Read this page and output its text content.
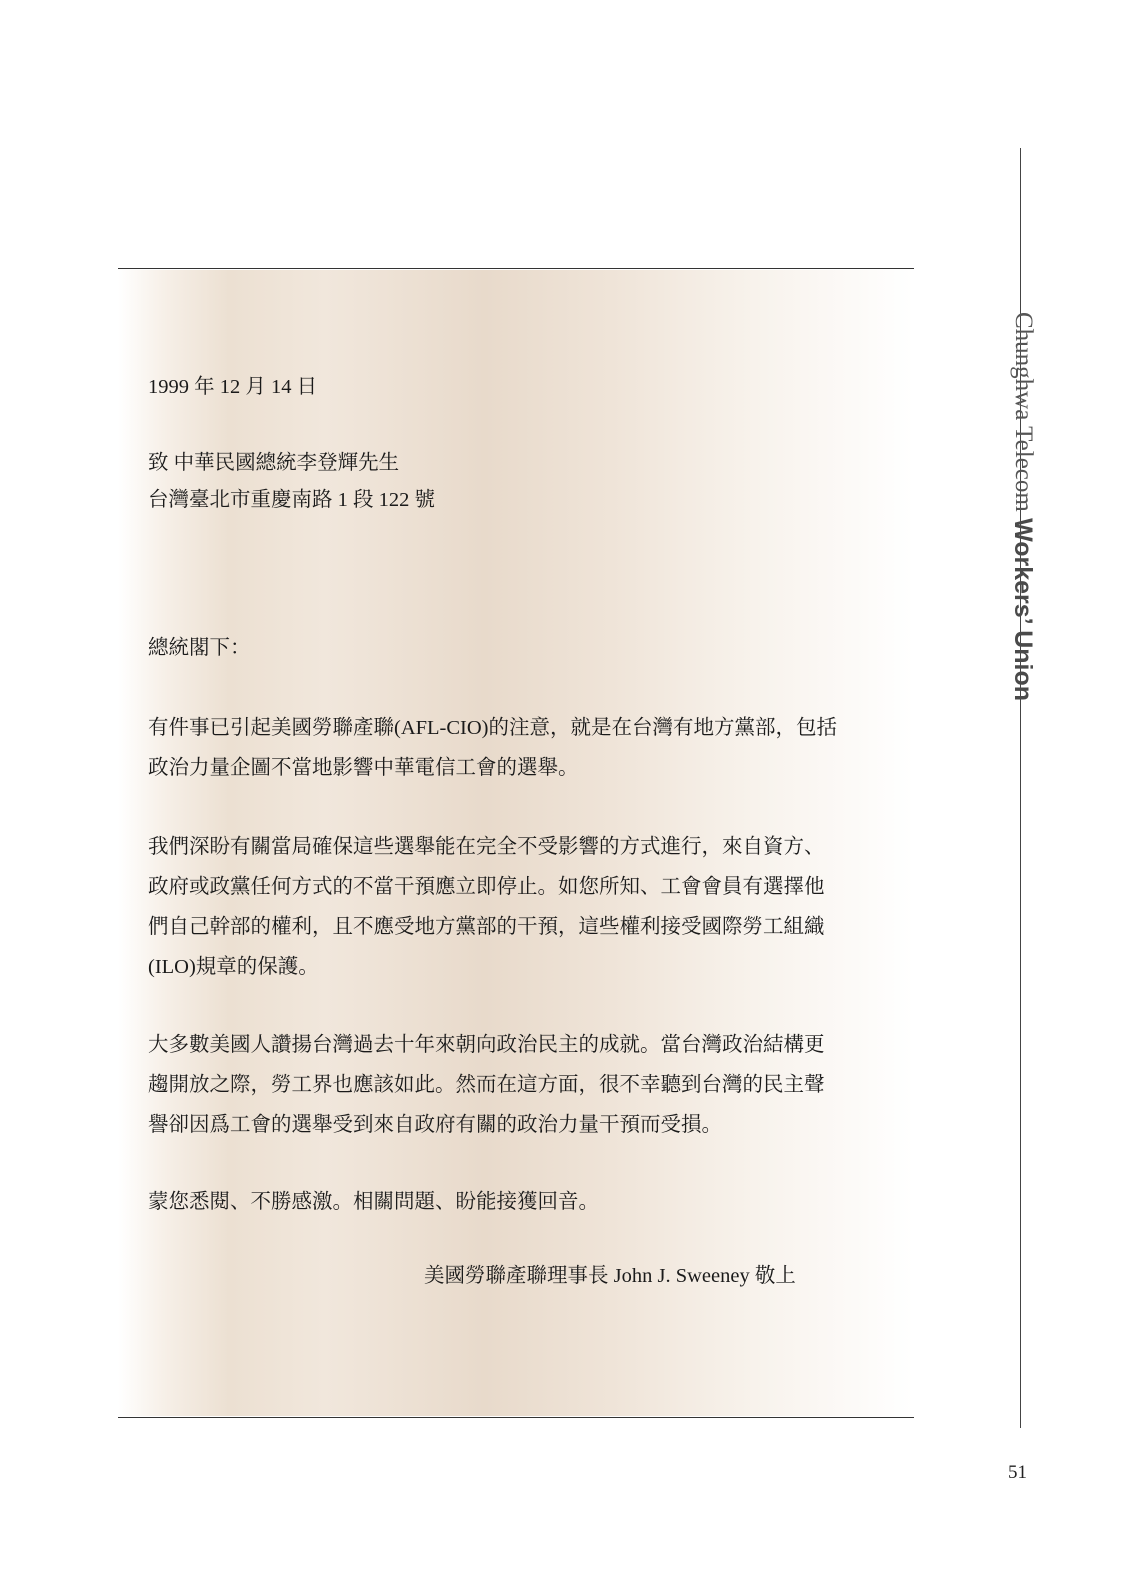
Chunghwa Telecom Workers’ Union
51
1999 年 12 月 14 日
致 中華民國總統李登輝先生
台灣臺北市重慶南路 1 段 122 號
總統閣下：
有件事已引起美國勞聯產聯(AFL-CIO)的注意，就是在台灣有地方黨部，包括
政治力量企圖不當地影響中華電信工會的選舉。
我們深盼有關當局確保這些選舉能在完全不受影響的方式進行，來自資方、
政府或政黨任何方式的不當干預應立即停止。如您所知、工會會員有選擇他
們自己幹部的權利，且不應受地方黨部的干預，這些權利接受國際勞工組織
(ILO)規章的保護。
大多數美國人讚揚台灣過去十年來朝向政治民主的成就。當台灣政治結構更
趨開放之際，勞工界也應該如此。然而在這方面，很不幸聽到台灣的民主聲
譽卻因爲工會的選舉受到來自政府有關的政治力量干預而受損。
蒙您悉閱、不勝感激。相關問題、盼能接獲回音。
美國勞聯產聯理事長 John J. Sweeney 敬上
